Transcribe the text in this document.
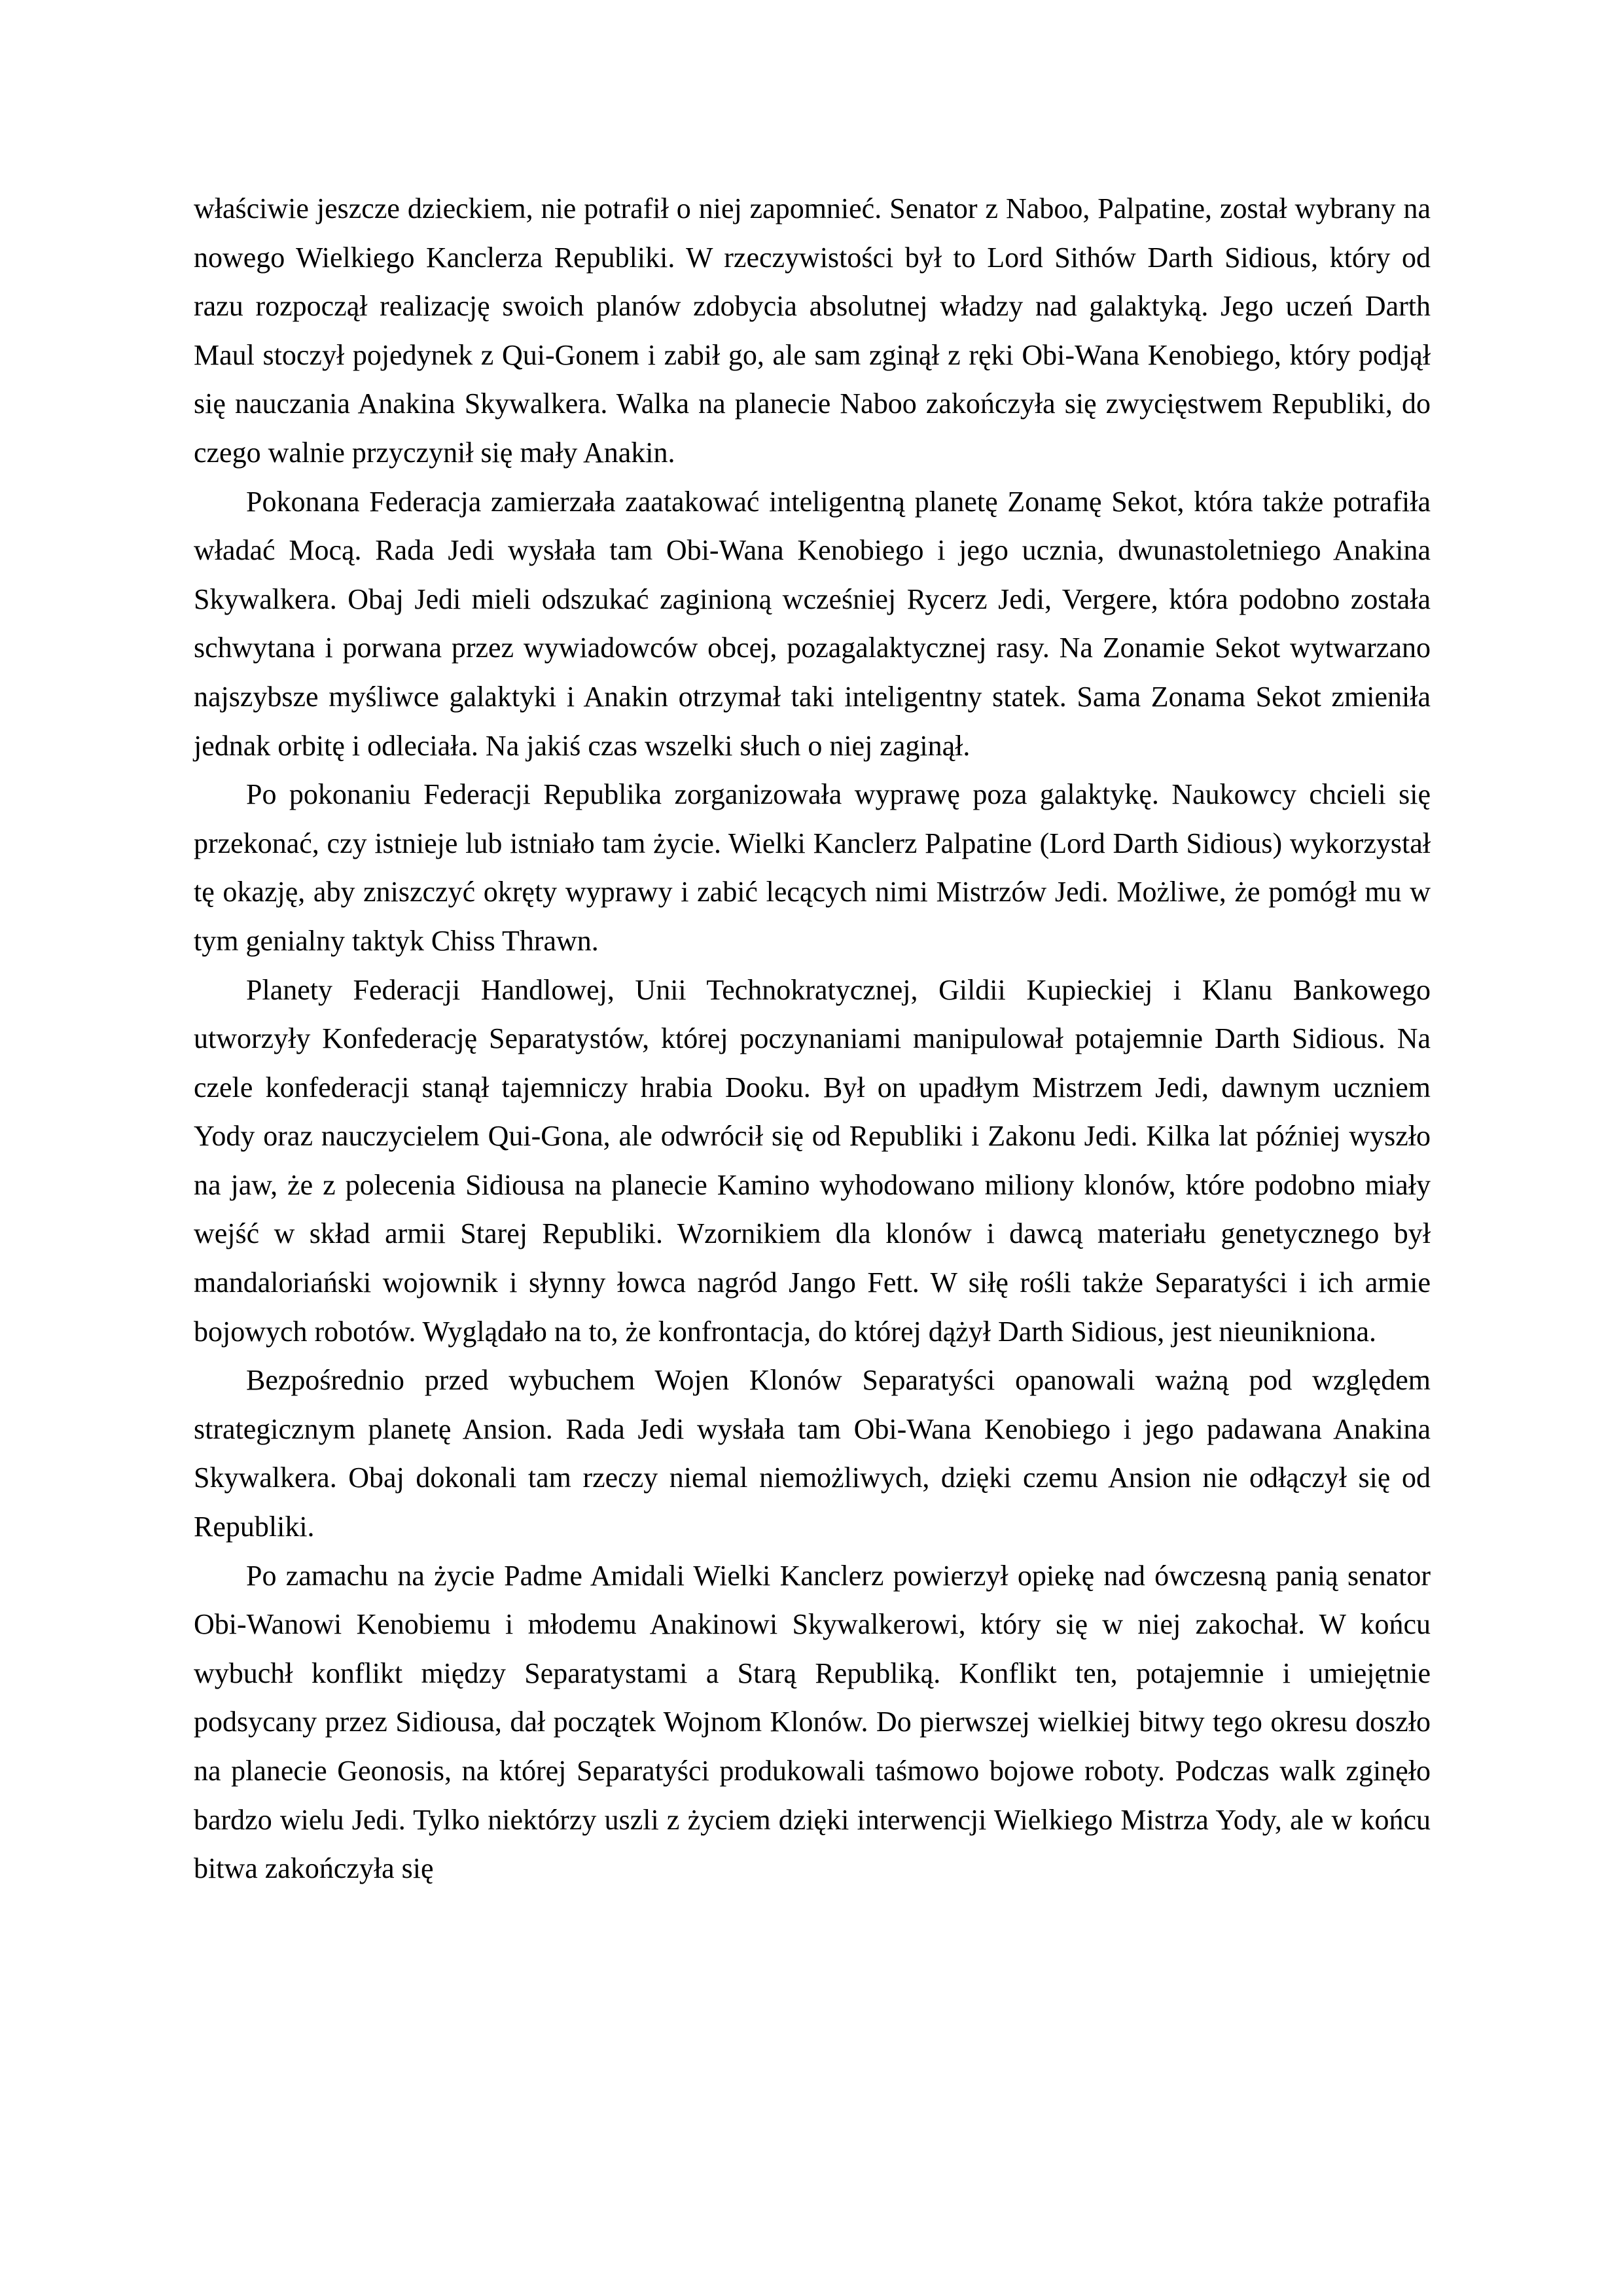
właściwie jeszcze dzieckiem, nie potrafił o niej zapomnieć. Senator z Naboo, Palpatine, został wybrany na nowego Wielkiego Kanclerza Republiki. W rzeczywistości był to Lord Sithów Darth Sidious, który od razu rozpoczął realizację swoich planów zdobycia absolutnej władzy nad galaktyką. Jego uczeń Darth Maul stoczył pojedynek z Qui-Gonem i zabił go, ale sam zginął z ręki Obi-Wana Kenobiego, który podjął się nauczania Anakina Skywalkera. Walka na planecie Naboo zakończyła się zwycięstwem Republiki, do czego walnie przyczynił się mały Anakin.

Pokonana Federacja zamierzała zaatakować inteligentną planetę Zonamę Sekot, która także potrafiła władać Mocą. Rada Jedi wysłała tam Obi-Wana Kenobiego i jego ucznia, dwunastoletniego Anakina Skywalkera. Obaj Jedi mieli odszukać zaginioną wcześniej Rycerz Jedi, Vergere, która podobno została schwytana i porwana przez wywiadowców obcej, pozagalaktycznej rasy. Na Zonamie Sekot wytwarzano najszybsze myśliwce galaktyki i Anakin otrzymał taki inteligentny statek. Sama Zonama Sekot zmieniła jednak orbitę i odleciała. Na jakiś czas wszelki słuch o niej zaginął.

Po pokonaniu Federacji Republika zorganizowała wyprawę poza galaktykę. Naukowcy chcieli się przekonać, czy istnieje lub istniało tam życie. Wielki Kanclerz Palpatine (Lord Darth Sidious) wykorzystał tę okazję, aby zniszczyć okręty wyprawy i zabić lecących nimi Mistrzów Jedi. Możliwe, że pomógł mu w tym genialny taktyk Chiss Thrawn.

Planety Federacji Handlowej, Unii Technokratycznej, Gildii Kupieckiej i Klanu Bankowego utworzyły Konfederację Separatystów, której poczynaniami manipulował potajemnie Darth Sidious. Na czele konfederacji stanął tajemniczy hrabia Dooku. Był on upadłym Mistrzem Jedi, dawnym uczniem Yody oraz nauczycielem Qui-Gona, ale odwrócił się od Republiki i Zakonu Jedi. Kilka lat później wyszło na jaw, że z polecenia Sidiousa na planecie Kamino wyhodowano miliony klonów, które podobno miały wejść w skład armii Starej Republiki. Wzornikiem dla klonów i dawcą materiału genetycznego był mandaloriański wojownik i słynny łowca nagród Jango Fett. W siłę rośli także Separatyści i ich armie bojowych robotów. Wyglądało na to, że konfrontacja, do której dążył Darth Sidious, jest nieunikniona.

Bezpośrednio przed wybuchem Wojen Klonów Separatyści opanowali ważną pod względem strategicznym planetę Ansion. Rada Jedi wysłała tam Obi-Wana Kenobiego i jego padawana Anakina Skywalkera. Obaj dokonali tam rzeczy niemal niemożliwych, dzięki czemu Ansion nie odłączył się od Republiki.

Po zamachu na życie Padme Amidali Wielki Kanclerz powierzył opiekę nad ówczesną panią senator Obi-Wanowi Kenobiemu i młodemu Anakinowi Skywalkerowi, który się w niej zakochał. W końcu wybuchł konflikt między Separatystami a Starą Republiką. Konflikt ten, potajemnie i umiejętnie podsycany przez Sidiousa, dał początek Wojnom Klonów. Do pierwszej wielkiej bitwy tego okresu doszło na planecie Geonosis, na której Separatyści produkowali taśmowo bojowe roboty. Podczas walk zginęło bardzo wielu Jedi. Tylko niektórzy uszli z życiem dzięki interwencji Wielkiego Mistrza Yody, ale w końcu bitwa zakończyła się
